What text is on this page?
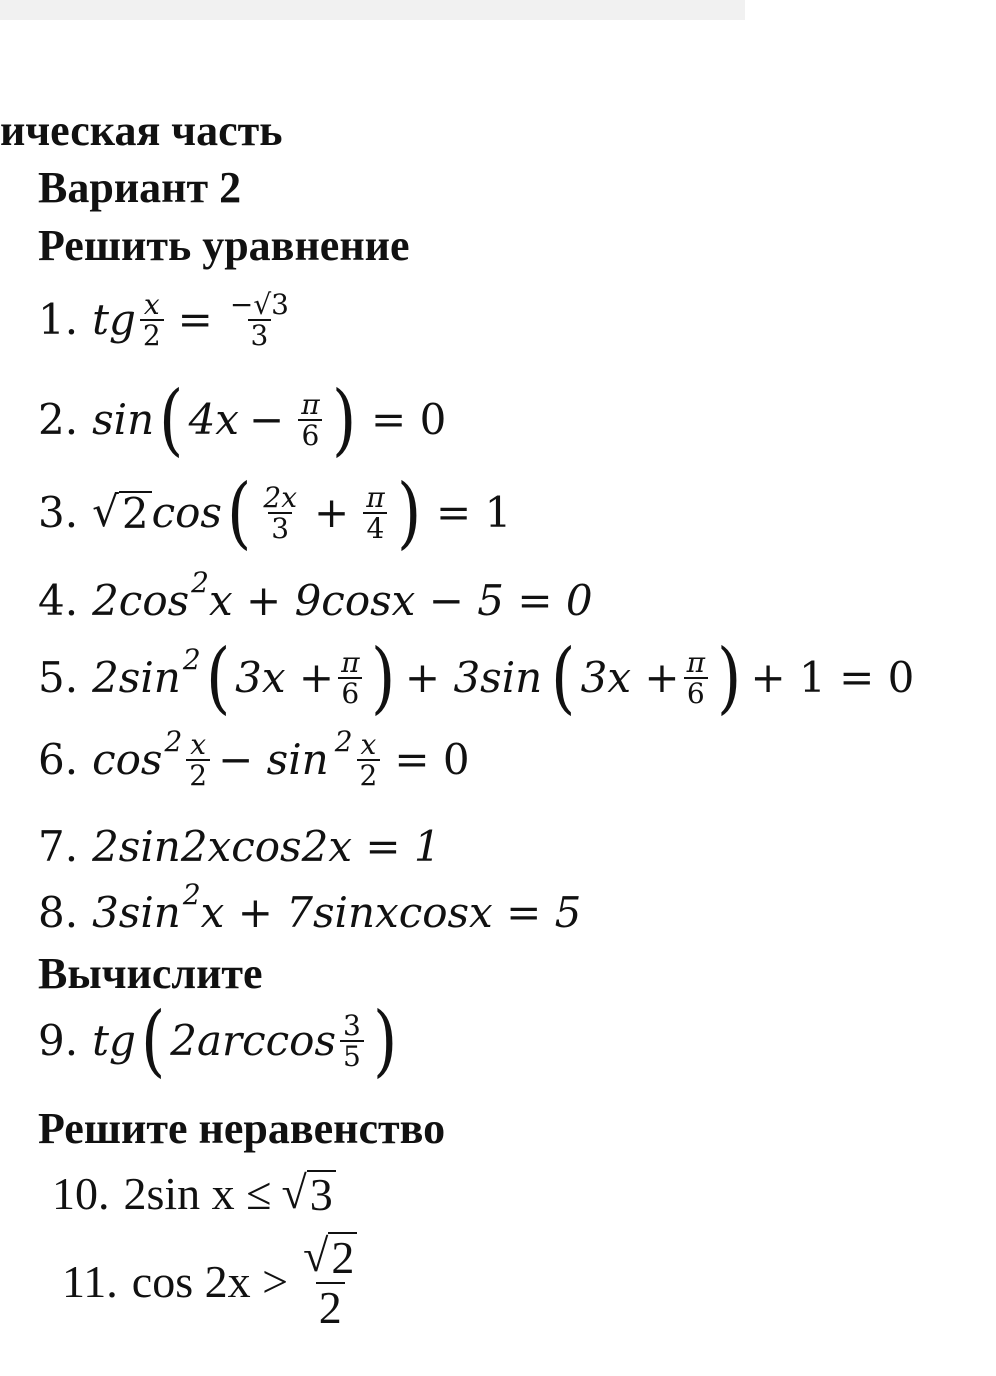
ическая часть
Вариант 2
Решить уравнение
1. tg $\frac{x}{2} = \frac{-√3}{3}$
2. sin ( $4x - \frac{\pi}{6}$ ) = 0
3. √ 2 cos ( $\frac{2x}{3} + \frac{\pi}{4}$ ) = 1
4. 2cos 2 x + 9cosx − 5 = 0
5. 2sin 2 ( $3x + \frac{\pi}{6}$ ) + 3sin ( $3x + \frac{\pi}{6}$ ) + 1 = 0
6. $\cos 2 \frac{x}{2} - \sin 2 \frac{x}{2} = 0$
7. 2sin2xcos2x = 1
8. 3sin 2 x + 7sinxcosx = 5
Вычислите
9. tg ( $2\arccos \frac{3}{5}$ )
Решите неравенство
10. 2sin x ≤ √ 3
11. $\cos 2x > \frac{√ 2}{2}$
